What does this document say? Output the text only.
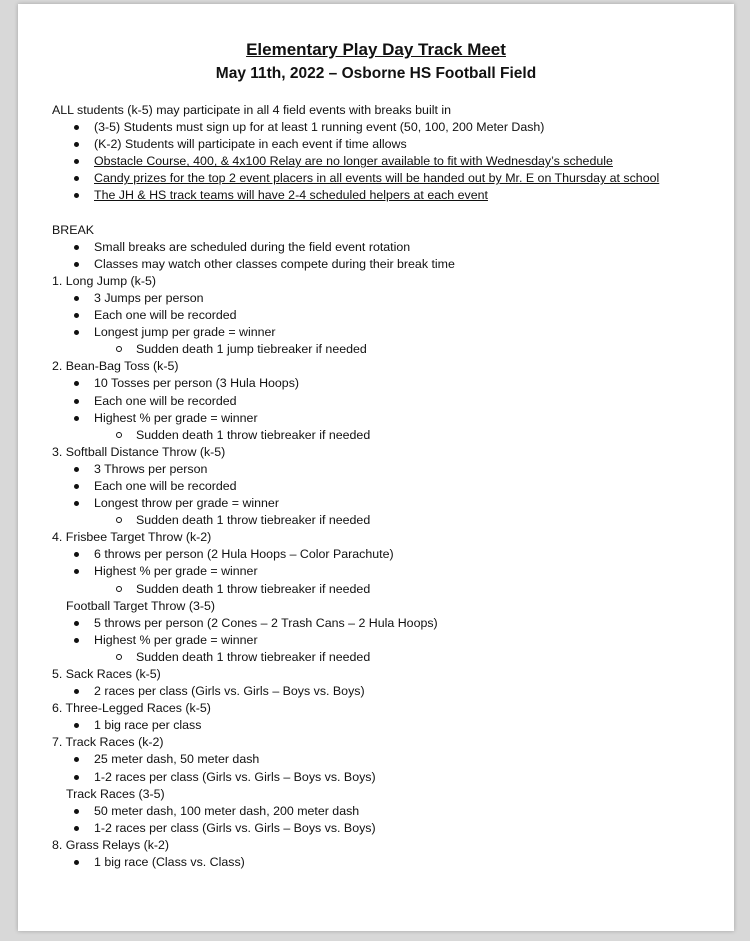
Elementary Play Day Track Meet
May 11th, 2022 – Osborne HS Football Field
ALL students (k-5) may participate in all 4 field events with breaks built in
(3-5) Students must sign up for at least 1 running event (50, 100, 200 Meter Dash)
(K-2) Students will participate in each event if time allows
Obstacle Course, 400, & 4x100 Relay are no longer available to fit with Wednesday’s schedule
Candy prizes for the top 2 event placers in all events will be handed out by Mr. E on Thursday at school
The JH & HS track teams will have 2-4 scheduled helpers at each event
BREAK
Small breaks are scheduled during the field event rotation
Classes may watch other classes compete during their break time
1. Long Jump (k-5)
3 Jumps per person
Each one will be recorded
Longest jump per grade = winner
Sudden death 1 jump tiebreaker if needed
2. Bean-Bag Toss (k-5)
10 Tosses per person (3 Hula Hoops)
Each one will be recorded
Highest % per grade = winner
Sudden death 1 throw tiebreaker if needed
3. Softball Distance Throw (k-5)
3 Throws per person
Each one will be recorded
Longest throw per grade = winner
Sudden death 1 throw tiebreaker if needed
4. Frisbee Target Throw (k-2)
6 throws per person (2 Hula Hoops – Color Parachute)
Highest % per grade = winner
Sudden death 1 throw tiebreaker if needed
Football Target Throw (3-5)
5 throws per person (2 Cones – 2 Trash Cans – 2 Hula Hoops)
Highest % per grade = winner
Sudden death 1 throw tiebreaker if needed
5. Sack Races (k-5)
2 races per class (Girls vs. Girls – Boys vs. Boys)
6. Three-Legged Races (k-5)
1 big race per class
7. Track Races (k-2)
25 meter dash, 50 meter dash
1-2 races per class (Girls vs. Girls – Boys vs. Boys)
Track Races (3-5)
50 meter dash, 100 meter dash, 200 meter dash
1-2 races per class (Girls vs. Girls – Boys vs. Boys)
8. Grass Relays (k-2)
1 big race (Class vs. Class)
